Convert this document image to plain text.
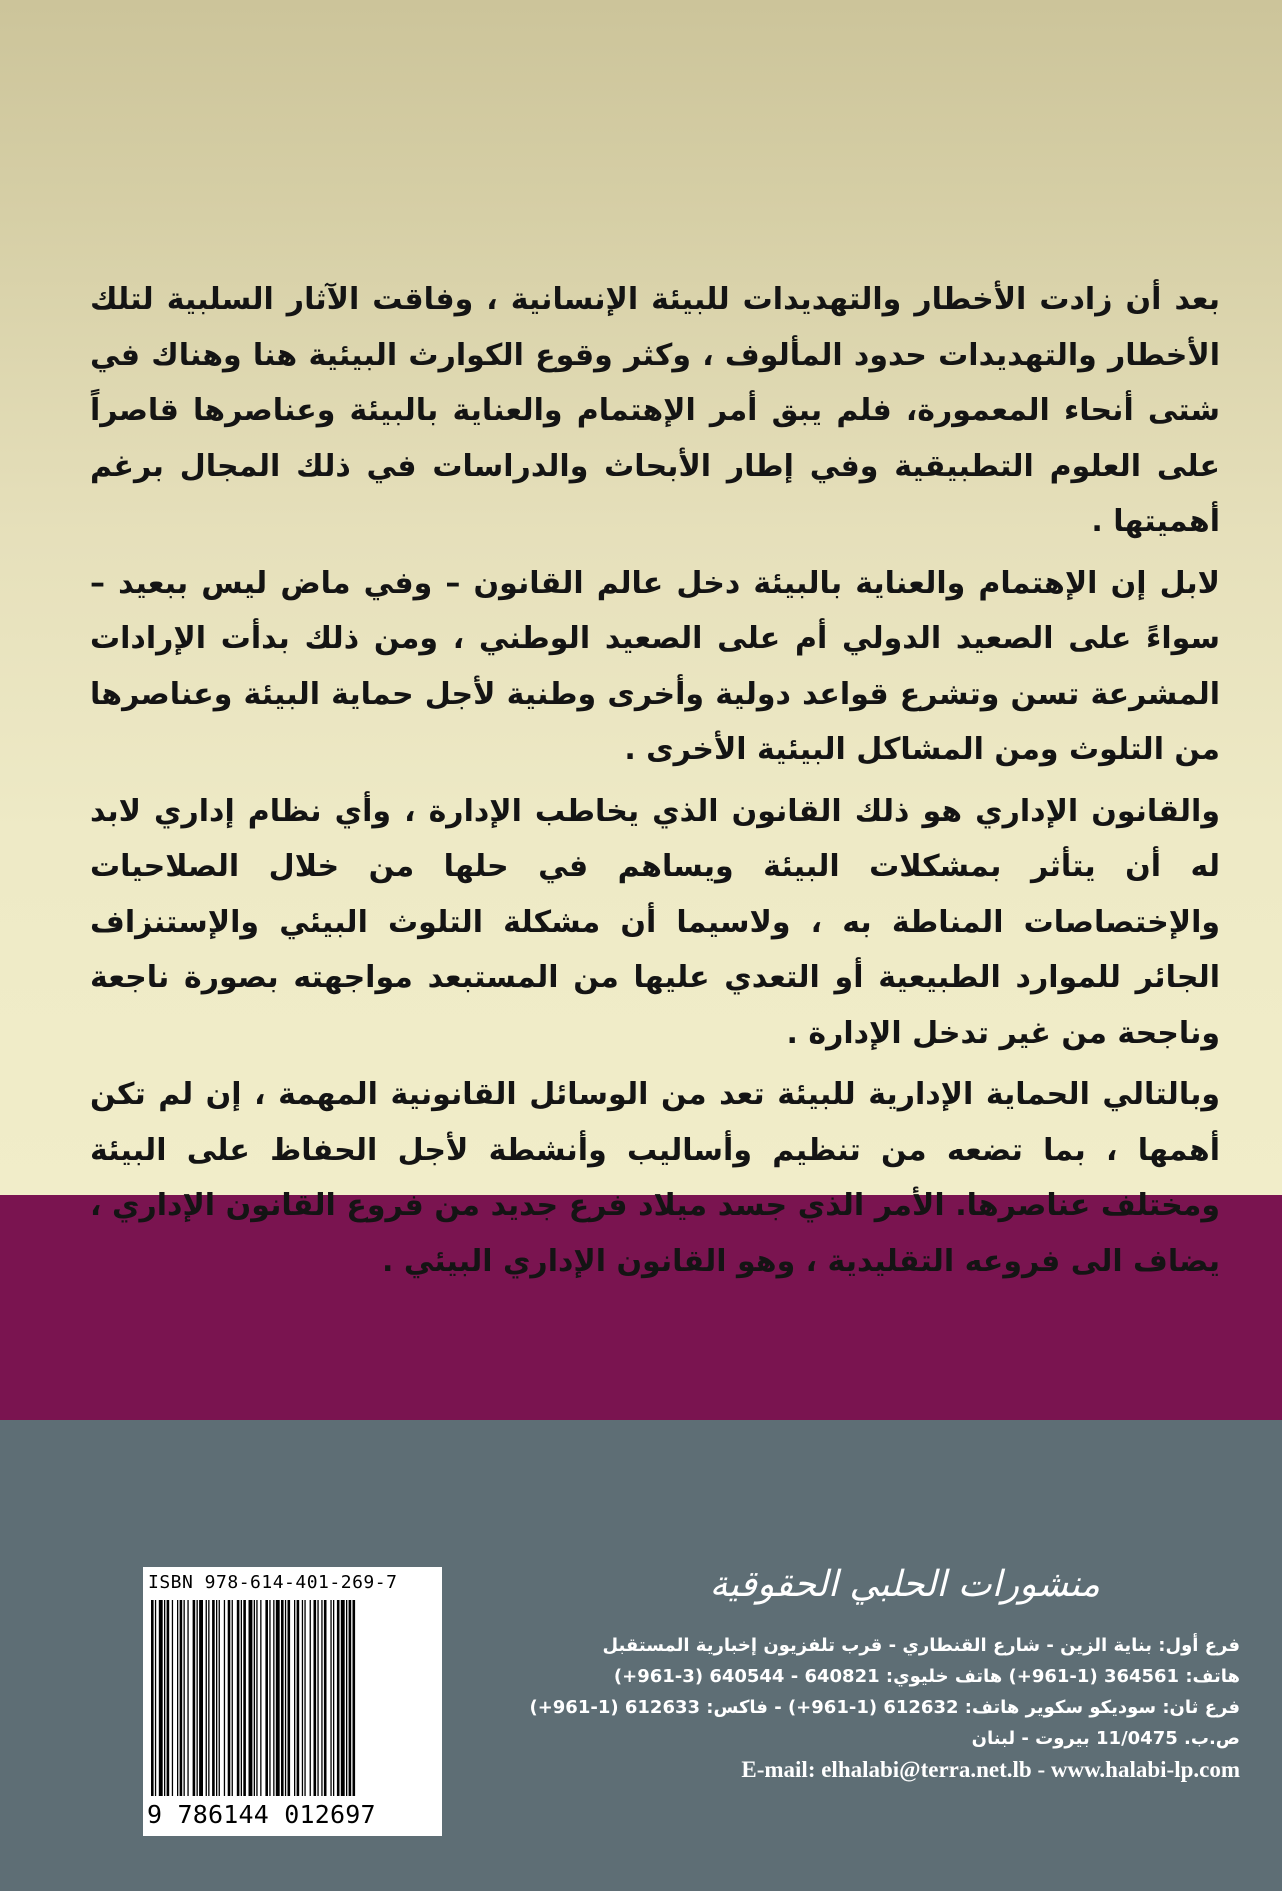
بعد أن زادت الأخطار والتهديدات للبيئة الإنسانية ، وفاقت الآثار السلبية لتلك الأخطار والتهديدات حدود المألوف ، وكثر وقوع الكوارث البيئية هنا وهناك في شتى أنحاء المعمورة، فلم يبق أمر الإهتمام والعناية بالبيئة وعناصرها قاصراً على العلوم التطبيقية وفي إطار الأبحاث والدراسات في ذلك المجال برغم أهميتها .

لابل إن الإهتمام والعناية بالبيئة دخل عالم القانون – وفي ماض ليس ببعيد – سواءً على الصعيد الدولي أم على الصعيد الوطني ، ومن ذلك بدأت الإرادات المشرعة تسن وتشرع قواعد دولية وأخرى وطنية لأجل حماية البيئة وعناصرها من التلوث ومن المشاكل البيئية الأخرى .

والقانون الإداري هو ذلك القانون الذي يخاطب الإدارة ، وأي نظام إداري لابد له أن يتأثر بمشكلات البيئة ويساهم في حلها من خلال الصلاحيات والإختصاصات المناطة به ، ولاسيما أن مشكلة التلوث البيئي والإستنزاف الجائر للموارد الطبيعية أو التعدي عليها من المستبعد مواجهته بصورة ناجعة وناجحة من غير تدخل الإدارة .

وبالتالي الحماية الإدارية للبيئة تعد من الوسائل القانونية المهمة ، إن لم تكن أهمها ، بما تضعه من تنظيم وأساليب وأنشطة لأجل الحفاظ على البيئة ومختلف عناصرها. الأمر الذي جسد ميلاد فرع جديد من فروع القانون الإداري ، يضاف الى فروعه التقليدية ، وهو القانون الإداري البيئي .

ISBN 978-614-401-269-7
9 786144 012697
منشورات الحلبي الحقوقية
فرع أول: بناية الزين - شارع القنطاري - قرب تلفزيون إخبارية المستقبل
هاتف: 364561 (1-961+) هاتف خليوي: 640821 - 640544 (3-961+)
فرع ثان: سوديكو سكوير هاتف: 612632 (1-961+) - فاكس: 612633 (1-961+)
ص.ب. 11/0475 بيروت - لبنان
E-mail: elhalabi@terra.net.lb - www.halabi-lp.com
